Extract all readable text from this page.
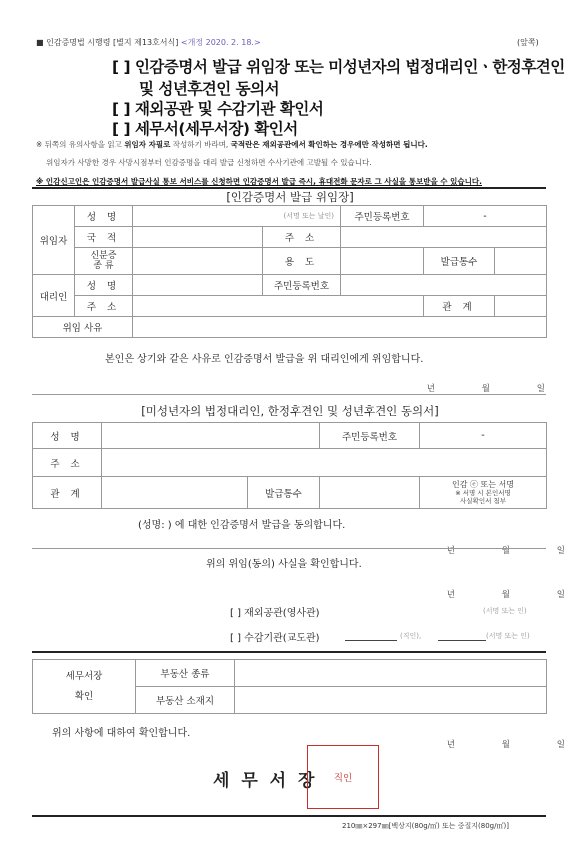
■ 인감증명법 시행령 [별지 제13호서식] <개정 2020. 2. 18.>	(앞쪽)
[ ] 인감증명서 발급 위임장 또는 미성년자의 법정대리인ㆍ한정후견인
및 성년후견인 동의서
[ ] 재외공관 및 수감기관 확인서
[ ] 세무서(세무서장) 확인서
※ 뒤쪽의 유의사항을 읽고 위임자 자필로 작성하기 바라며, 국적란은 재외공관에서 확인하는 경우에만 작성하면 됩니다.
위임자가 사망한 경우 사망시점부터 인감증명을 대리 발급 신청하면 수사기관에 고발될 수 있습니다.
※ 인감신고인은 인감증명서 발급사실 통보 서비스를 신청하면 인감증명서 발급 즉시, 휴대전화 문자로 그 사실을 통보받을 수 있습니다.
[인감증명서 발급 위임장]
위임자	성 명	(서명 또는 날인)		주민등록번호	-	
	국 적		주 소			
	신분증
종 류		용 도		발급통수	
대리인	성 명		주민등록번호			
	주 소				관 계	
위임 사유						
본인은 상기와 같은 사유로 인감증명서 발급을 위 대리인에게 위임합니다.
년	월	일
[미성년자의 법정대리인, 한정후견인 및 성년후견인 동의서]
성 명			주민등록번호	-
주 소				
관 계		발급통수		인감 ⓔ 또는 서명
※ 서명 시 본인서명
사실확인서 첨부
(성명: ) 에 대한 인감증명서 발급을 동의합니다.
년	월	일
위의 위임(동의) 사실을 확인합니다.
년	월	일
[ ] 재외공관(영사관)	(서명 또는 인)
[ ] 수감기관(교도관)	(직인),	(서명 또는 인)
세무서장
확인	부동산 종류	
	부동산 소재지	
위의 사항에 대하여 확인합니다.
년	월	일
세 무 서 장 직인
210㎜×297㎜[백상지(80g/㎡) 또는 중질지(80g/㎡)]
